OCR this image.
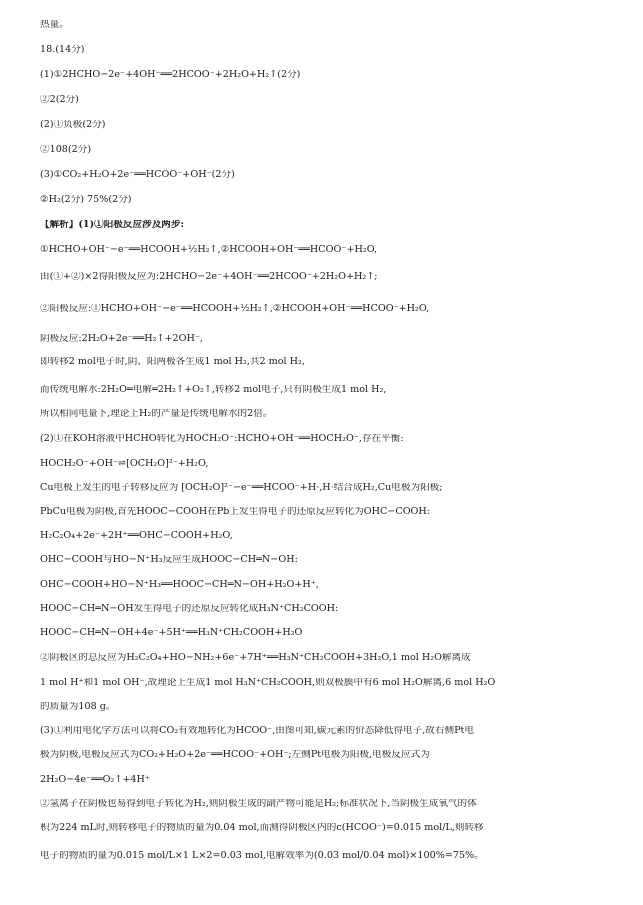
热量。
18.(14分)
(1)①2HCHO−2e⁻+4OH⁻══2HCOO⁻+2H₂O+H₂↑(2分)
②2(2分)
(2)①负极(2分)
②108(2分)
(3)①CO₂+H₂O+2e⁻══HCOO⁻+OH⁻(2分)
②H₂(2分) 75%(2分)
【解析】(1)①阳极反应涉及两步:
①HCHO+OH⁻−e⁻══HCOOH+½H₂↑,②HCOOH+OH⁻══HCOO⁻+H₂O,
由(①+②)×2得阳极反应为:2HCHO−2e⁻+4OH⁻══2HCOO⁻+2H₂O+H₂↑;
②阳极反应:①HCHO+OH⁻−e⁻══HCOOH+½H₂↑,②HCOOH+OH⁻══HCOO⁻+H₂O,
阴极反应:2H₂O+2e⁻══H₂↑+2OH⁻,
即转移2 mol电子时,阴、阳两极各生成1 mol H₂,共2 mol H₂,
而传统电解水:2H₂O═电解═2H₂↑+O₂↑,转移2 mol电子,只有阴极生成1 mol H₂,
所以相同电量下,理论上H₂的产量是传统电解水的2倍。
(2)①在KOH溶液中HCHO转化为HOCH₂O⁻:HCHO+OH⁻══HOCH₂O⁻,存在平衡:
HOCH₂O⁻+OH⁻⇌[OCH₂O]²⁻+H₂O,
Cu电极上发生的电子转移反应为 [OCH₂O]²⁻−e⁻══HCOO⁻+H·,H·结合成H₂,Cu电极为阳极;
PbCu电极为阴极,首先HOOC−COOH在Pb上发生得电子的还原反应转化为OHC−COOH:
H₂C₂O₄+2e⁻+2H⁺══OHC−COOH+H₂O,
OHC−COOH与HO−N⁺H₃反应生成HOOC−CH═N−OH:
OHC−COOH+HO−N⁺H₃══HOOC−CH═N−OH+H₂O+H⁺,
HOOC−CH═N−OH发生得电子的还原反应转化成H₃N⁺CH₂COOH:
HOOC−CH═N−OH+4e⁻+5H⁺══H₃N⁺CH₂COOH+H₂O
②阴极区的总反应为H₂C₂O₄+HO−NH₂+6e⁻+7H⁺══H₃N⁺CH₂COOH+3H₂O,1 mol H₂O解离成
1 mol H⁺和1 mol OH⁻,故理论上生成1 mol H₃N⁺CH₂COOH,则双极膜中有6 mol H₂O解离,6 mol H₂O
的质量为108 g。
(3)①利用电化学方法可以将CO₂有效地转化为HCOO⁻,由图可知,碳元素的价态降低得电子,故右侧Pt电
极为阴极,电极反应式为CO₂+H₂O+2e⁻══HCOO⁻+OH⁻;左侧Pt电极为阳极,电极反应式为
2H₂O−4e⁻══O₂↑+4H⁺
②氢离子在阴极也易得到电子转化为H₂,则阴极生成的副产物可能是H₂;标准状况下,当阴极生成氧气的体
积为224 mL时,则转移电子的物质的量为0.04 mol,而测得阴极区内的c(HCOO⁻)=0.015 mol/L,则转移
电子的物质的量为0.015 mol/L×1 L×2=0.03 mol,电解效率为(0.03 mol/0.04 mol)×100%=75%。
